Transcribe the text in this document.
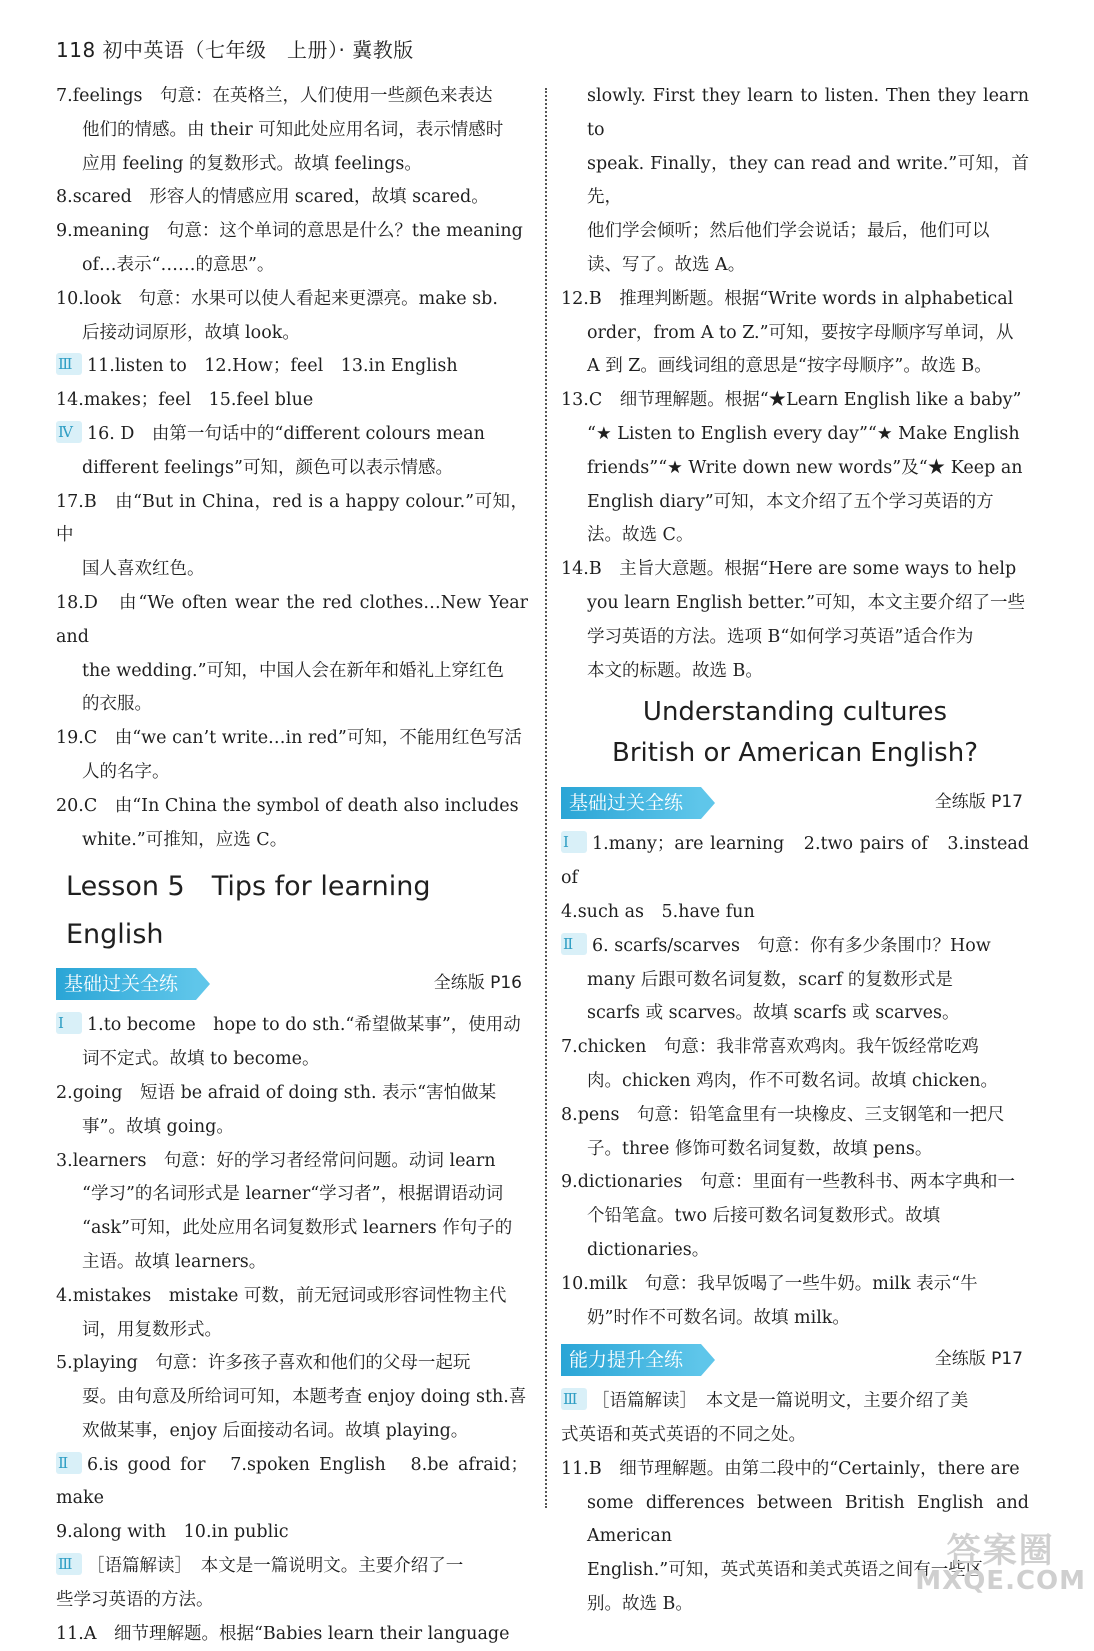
118 初中英语（七年级　上册）· 冀教版
7.feelings　句意：在英格兰，人们使用一些颜色来表达
他们的情感。由 their 可知此处应用名词，表示情感时
应用 feeling 的复数形式。故填 feelings。
8.scared　形容人的情感应用 scared，故填 scared。
9.meaning　句意：这个单词的意思是什么？the meaning
of…表示“……的意思”。
10.look　句意：水果可以使人看起来更漂亮。make sb.
后接动词原形，故填 look。
Ⅲ 11.listen to　12.How；feel　13.in English
14.makes；feel　15.feel blue
Ⅳ 16. D　由第一句话中的“different colours mean
different feelings”可知，颜色可以表示情感。
17.B　由“But in China，red is a happy colour.”可知，中
国人喜欢红色。
18.D　由“We often wear the red clothes…New Year and
the wedding.”可知，中国人会在新年和婚礼上穿红色
的衣服。
19.C　由“we can’t write…in red”可知，不能用红色写活
人的名字。
20.C　由“In China the symbol of death also includes
white.”可推知，应选 C。
Lesson 5　Tips for learning English
基础过关全练	全练版 P16
Ⅰ 1.to become　hope to do sth.“希望做某事”，使用动
词不定式。故填 to become。
2.going　短语 be afraid of doing sth. 表示“害怕做某
事”。故填 going。
3.learners　句意：好的学习者经常问问题。动词 learn
“学习”的名词形式是 learner“学习者”，根据谓语动词
“ask”可知，此处应用名词复数形式 learners 作句子的
主语。故填 learners。
4.mistakes　mistake 可数，前无冠词或形容词性物主代
词，用复数形式。
5.playing　句意：许多孩子喜欢和他们的父母一起玩
耍。由句意及所给词可知，本题考查 enjoy doing sth.喜
欢做某事，enjoy 后面接动名词。故填 playing。
Ⅱ 6.is good for　7.spoken English　8.be afraid；make
9.along with　10.in public
Ⅲ ［语篇解读］　本文是一篇说明文。主要介绍了一
些学习英语的方法。
11.A　细节理解题。根据“Babies learn their language
slowly. First they learn to listen. Then they learn to
speak. Finally，they can read and write.”可知，首先，
他们学会倾听；然后他们学会说话；最后，他们可以
读、写了。故选 A。
12.B　推理判断题。根据“Write words in alphabetical
order，from A to Z.”可知，要按字母顺序写单词，从
A 到 Z。画线词组的意思是“按字母顺序”。故选 B。
13.C　细节理解题。根据“★Learn English like a baby”
“★ Listen to English every day”“★ Make English
friends”“★ Write down new words”及“★ Keep an
English diary”可知，本文介绍了五个学习英语的方
法。故选 C。
14.B　主旨大意题。根据“Here are some ways to help
you learn English better.”可知，本文主要介绍了一些
学习英语的方法。选项 B“如何学习英语”适合作为
本文的标题。故选 B。
Understanding cultures
British or American English?
基础过关全练	全练版 P17
Ⅰ 1.many；are learning　2.two pairs of　3.instead of
4.such as　5.have fun
Ⅱ 6. scarfs/scarves　句意：你有多少条围巾？How
many 后跟可数名词复数，scarf 的复数形式是
scarfs 或 scarves。故填 scarfs 或 scarves。
7.chicken　句意：我非常喜欢鸡肉。我午饭经常吃鸡
肉。chicken 鸡肉，作不可数名词。故填 chicken。
8.pens　句意：铅笔盒里有一块橡皮、三支钢笔和一把尺
子。three 修饰可数名词复数，故填 pens。
9.dictionaries　句意：里面有一些教科书、两本字典和一
个铅笔盒。two 后接可数名词复数形式。故填
dictionaries。
10.milk　句意：我早饭喝了一些牛奶。milk 表示“牛
奶”时作不可数名词。故填 milk。
能力提升全练	全练版 P17
Ⅲ ［语篇解读］　本文是一篇说明文，主要介绍了美
式英语和英式英语的不同之处。
11.B　细节理解题。由第二段中的“Certainly，there are
some differences between British English and American
English.”可知，英式英语和美式英语之间有一些区
别。故选 B。
答案圈
MXQE.COM
